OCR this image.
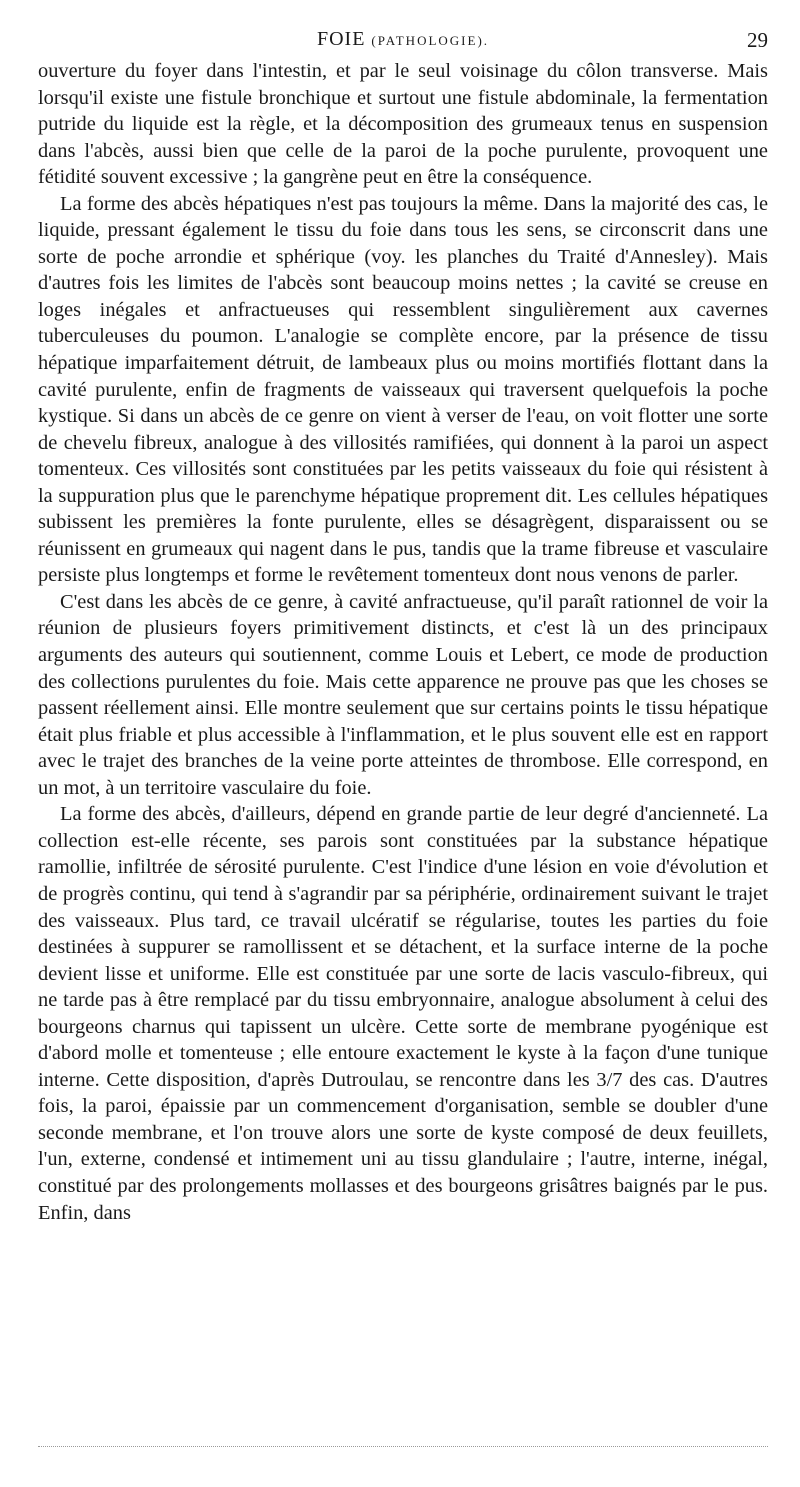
FOIE (PATHOLOGIE).	29

ouverture du foyer dans l'intestin, et par le seul voisinage du côlon transverse. Mais lorsqu'il existe une fistule bronchique et surtout une fistule abdominale, la fermentation putride du liquide est la règle, et la décomposition des grumeaux tenus en suspension dans l'abcès, aussi bien que celle de la paroi de la poche purulente, provoquent une fétidité souvent excessive ; la gangrène peut en être la conséquence.

La forme des abcès hépatiques n'est pas toujours la même. Dans la majorité des cas, le liquide, pressant également le tissu du foie dans tous les sens, se circonscrit dans une sorte de poche arrondie et sphérique (voy. les planches du Traité d'Annesley). Mais d'autres fois les limites de l'abcès sont beaucoup moins nettes ; la cavité se creuse en loges inégales et anfractueuses qui ressemblent singulièrement aux cavernes tuberculeuses du poumon. L'analogie se complète encore, par la présence de tissu hépatique imparfaitement détruit, de lambeaux plus ou moins mortifiés flottant dans la cavité purulente, enfin de fragments de vaisseaux qui traversent quelquefois la poche kystique. Si dans un abcès de ce genre on vient à verser de l'eau, on voit flotter une sorte de chevelu fibreux, analogue à des villosités ramifiées, qui donnent à la paroi un aspect tomenteux. Ces villosités sont constituées par les petits vaisseaux du foie qui résistent à la suppuration plus que le parenchyme hépatique proprement dit. Les cellules hépatiques subissent les premières la fonte purulente, elles se désagrègent, disparaissent ou se réunissent en grumeaux qui nagent dans le pus, tandis que la trame fibreuse et vasculaire persiste plus longtemps et forme le revêtement tomenteux dont nous venons de parler.

C'est dans les abcès de ce genre, à cavité anfractueuse, qu'il paraît rationnel de voir la réunion de plusieurs foyers primitivement distincts, et c'est là un des principaux arguments des auteurs qui soutiennent, comme Louis et Lebert, ce mode de production des collections purulentes du foie. Mais cette apparence ne prouve pas que les choses se passent réellement ainsi. Elle montre seulement que sur certains points le tissu hépatique était plus friable et plus accessible à l'inflammation, et le plus souvent elle est en rapport avec le trajet des branches de la veine porte atteintes de thrombose. Elle correspond, en un mot, à un territoire vasculaire du foie.

La forme des abcès, d'ailleurs, dépend en grande partie de leur degré d'ancienneté. La collection est-elle récente, ses parois sont constituées par la substance hépatique ramollie, infiltrée de sérosité purulente. C'est l'indice d'une lésion en voie d'évolution et de progrès continu, qui tend à s'agrandir par sa périphérie, ordinairement suivant le trajet des vaisseaux. Plus tard, ce travail ulcératif se régularise, toutes les parties du foie destinées à suppurer se ramollissent et se détachent, et la surface interne de la poche devient lisse et uniforme. Elle est constituée par une sorte de lacis vasculo-fibreux, qui ne tarde pas à être remplacé par du tissu embryonnaire, analogue absolument à celui des bourgeons charnus qui tapissent un ulcère. Cette sorte de membrane pyogénique est d'abord molle et tomenteuse ; elle entoure exactement le kyste à la façon d'une tunique interne. Cette disposition, d'après Dutroulau, se rencontre dans les 3/7 des cas. D'autres fois, la paroi, épaissie par un commencement d'organisation, semble se doubler d'une seconde membrane, et l'on trouve alors une sorte de kyste composé de deux feuillets, l'un, externe, condensé et intimement uni au tissu glandulaire ; l'autre, interne, inégal, constitué par des prolongements mollasses et des bourgeons grisâtres baignés par le pus. Enfin, dans
